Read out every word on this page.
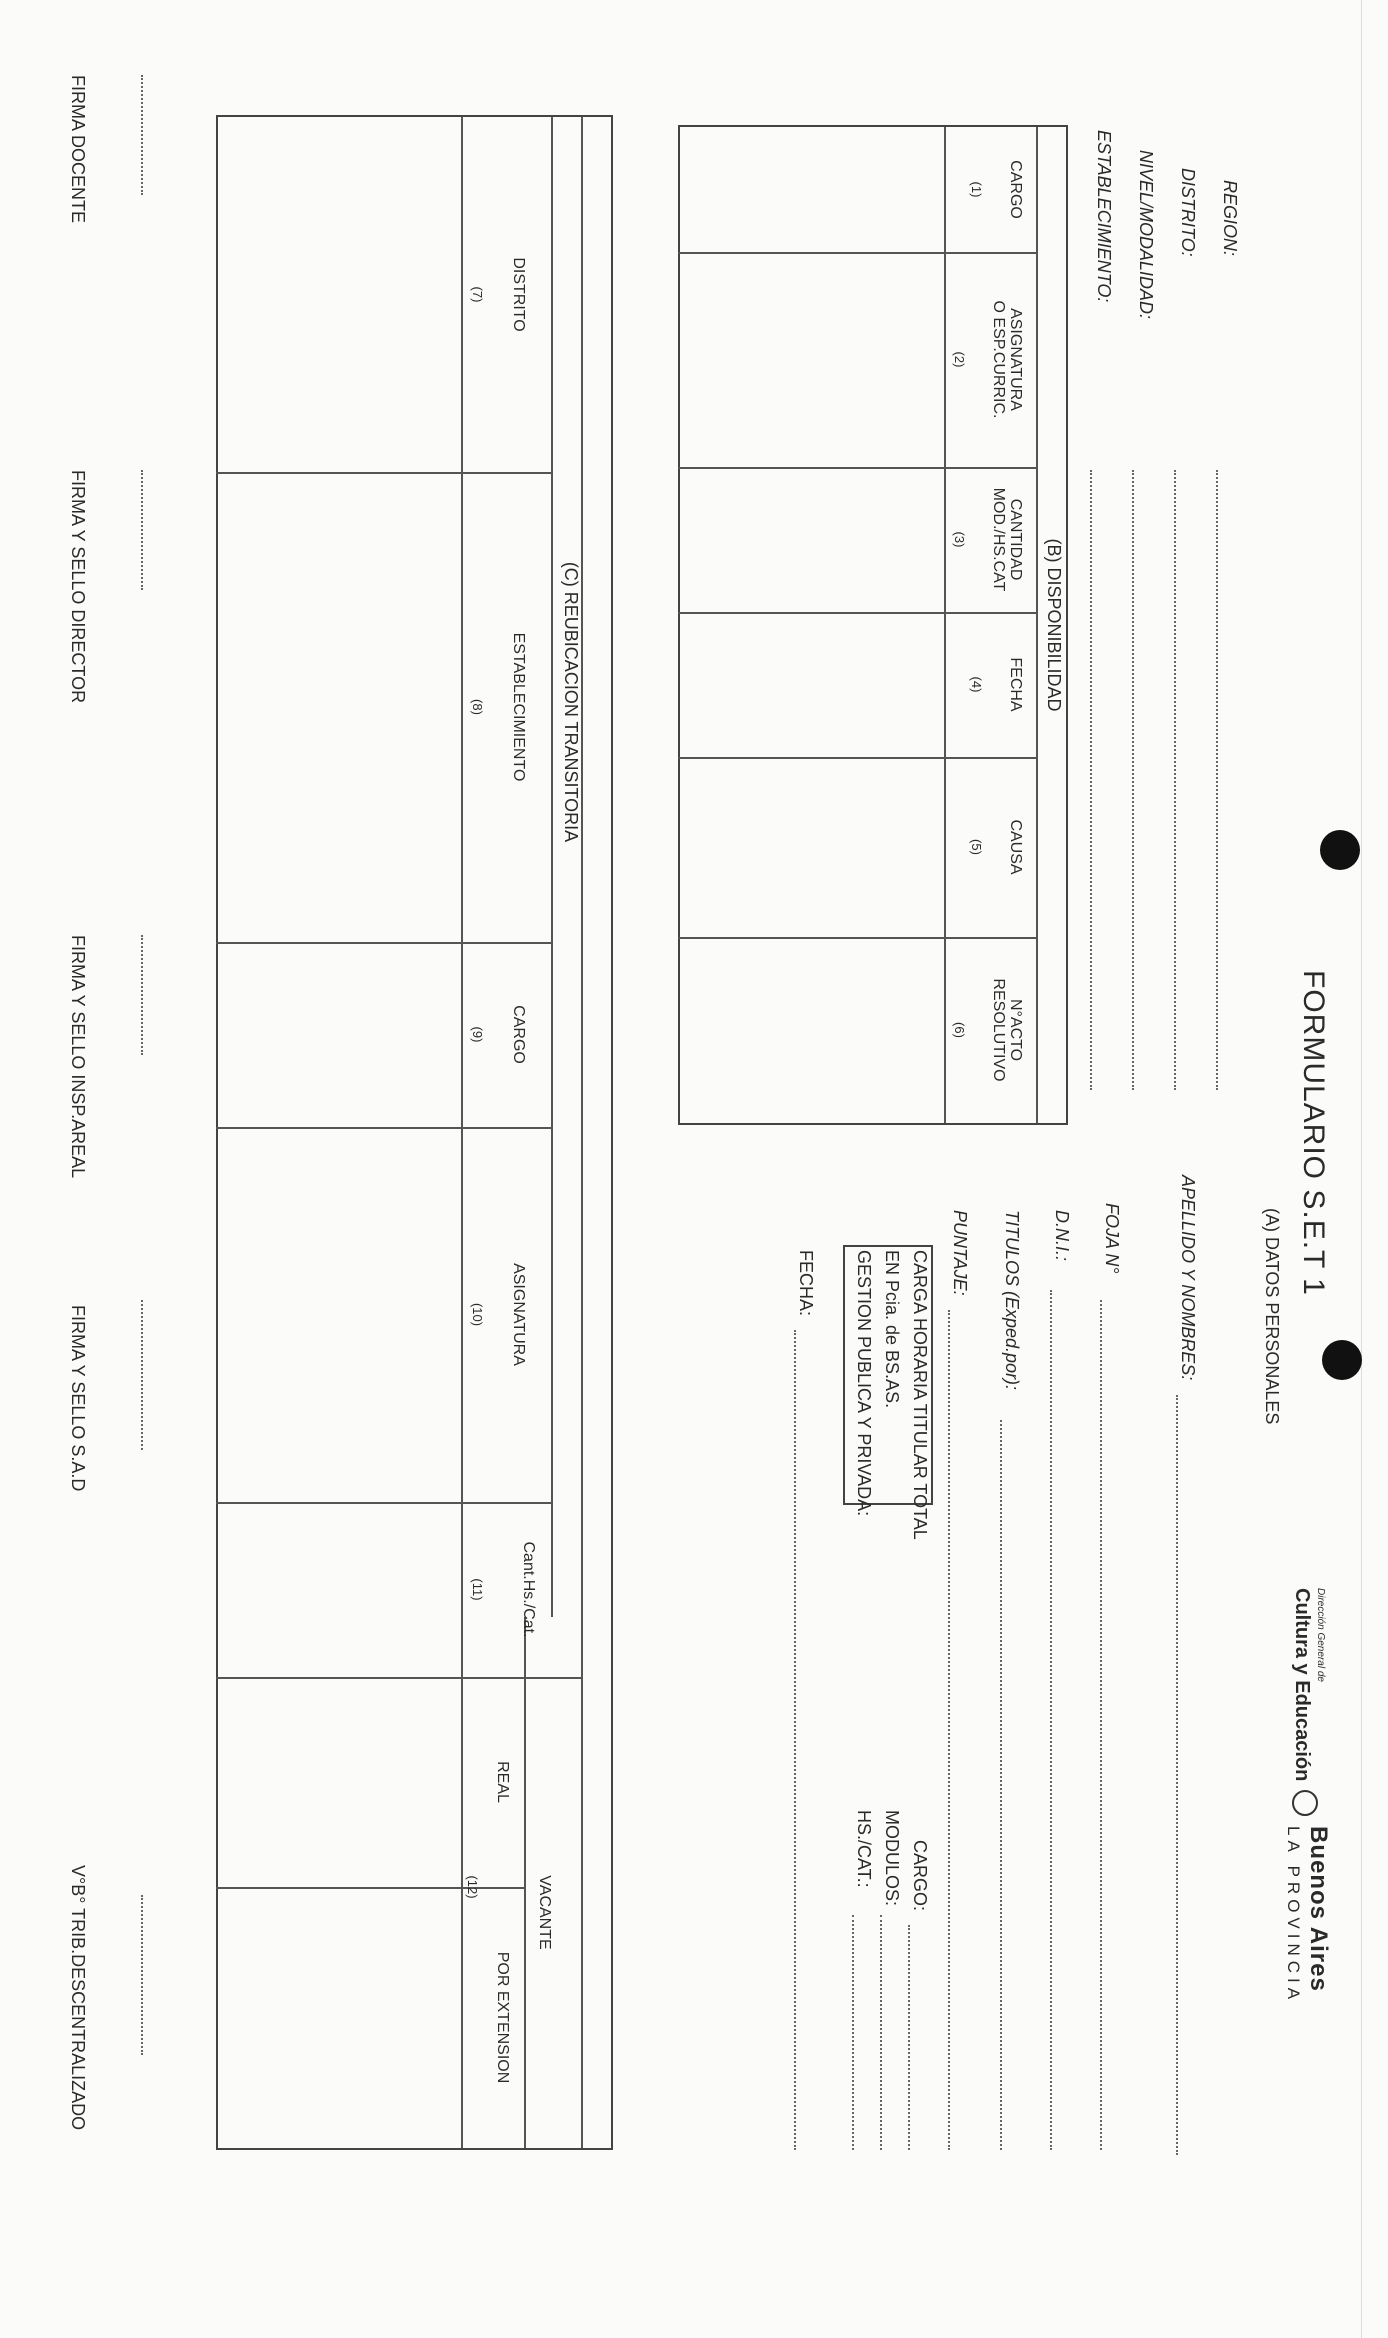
FORMULARIO S.E.T 1
(A) DATOS PERSONALES
Dirección General de
Cultura y Educación
Buenos Aires
LA PROVINCIA
REGION:
DISTRITO:
NIVEL/MODALIDAD:
ESTABLECIMIENTO:
APELLIDO Y NOMBRES:
FOJA N°
D.N.I.:
TITULOS (Exped.por):
PUNTAJE:
CARGA HORARIA TITULAR TOTAL
EN Pcia. de BS.AS.
GESTION PUBLICA Y PRIVADA:
CARGO:
MODULOS:
HS./CAT.:
FECHA:
(B) DISPONIBILIDAD
CARGO
(1)
ASIGNATURA
O ESP.CURRIC.
(2)
CANTIDAD
MOD./HS.CAT
(3)
FECHA
(4)
CAUSA
(5)
N°ACTO
RESOLUTIVO
(6)
(C) REUBICACION TRANSITORIA
DISTRITO
(7)
ESTABLECIMIENTO
(8)
CARGO
(9)
ASIGNATURA
(10)
Cant.Hs./Cat.
(11)
VACANTE
REAL
POR EXTENSION
(12)
FIRMA DOCENTE
FIRMA Y SELLO DIRECTOR
FIRMA Y SELLO INSP.AREAL
FIRMA Y SELLO S.A.D
V°B° TRIB.DESCENTRALIZADO
